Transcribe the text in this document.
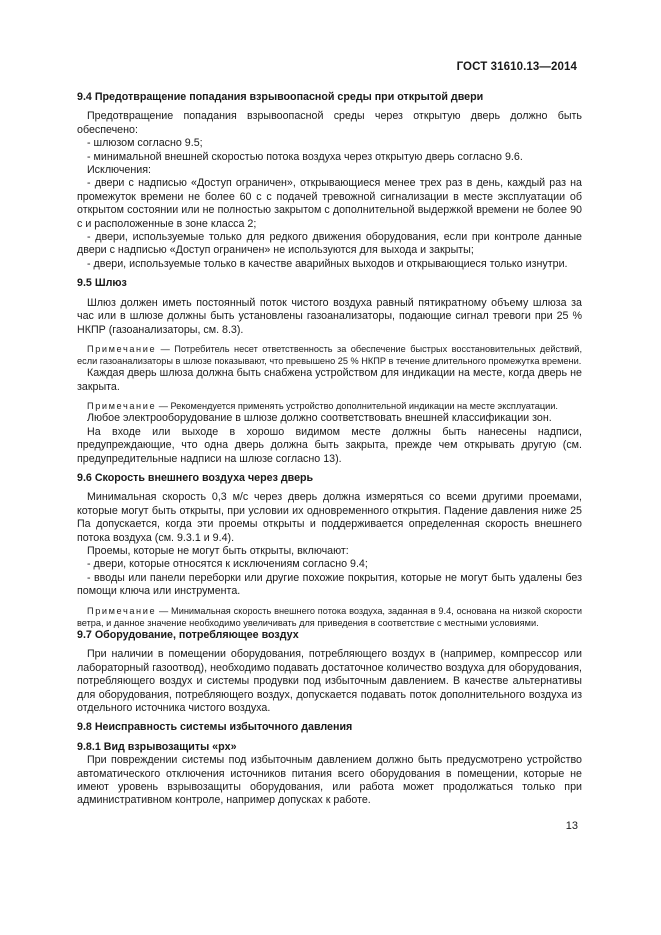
ГОСТ 31610.13—2014
9.4 Предотвращение попадания взрывоопасной среды при открытой двери

Предотвращение попадания взрывоопасной среды через открытую дверь должно быть обеспечено:

- шлюзом согласно 9.5;

- минимальной внешней скоростью потока воздуха через открытую дверь согласно 9.6.

Исключения:

- двери с надписью «Доступ ограничен», открывающиеся менее трех раз в день, каждый раз на промежуток времени не более 60 с с подачей тревожной сигнализации в месте эксплуатации об открытом состоянии или не полностью закрытом с дополнительной выдержкой времени не более 90 с и расположенные в зоне класса 2;

- двери, используемые только для редкого движения оборудования, если при контроле данные двери с надписью «Доступ ограничен» не используются для выхода и закрыты;

- двери, используемые только в качестве аварийных выходов и открывающиеся только изнутри.

9.5 Шлюз

Шлюз должен иметь постоянный поток чистого воздуха равный пятикратному объему шлюза за час или в шлюзе должны быть установлены газоанализаторы, подающие сигнал тревоги при 25 % НКПР (газоанализаторы, см. 8.3).

Примечание — Потребитель несет ответственность за обеспечение быстрых восстановительных действий, если газоанализаторы в шлюзе показывают, что превышено 25 % НКПР в течение длительного промежутка времени.

Каждая дверь шлюза должна быть снабжена устройством для индикации на месте, когда дверь не закрыта.

Примечание — Рекомендуется применять устройство дополнительной индикации на месте эксплуатации.

Любое электрооборудование в шлюзе должно соответствовать внешней классификации зон.

На входе или выходе в хорошо видимом месте должны быть нанесены надписи, предупреждающие, что одна дверь должна быть закрыта, прежде чем открывать другую (см. предупредительные надписи на шлюзе согласно 13).

9.6 Скорость внешнего воздуха через дверь

Минимальная скорость 0,3 м/с через дверь должна измеряться со всеми другими проемами, которые могут быть открыты, при условии их одновременного открытия. Падение давления ниже 25 Па допускается, когда эти проемы открыты и поддерживается определенная скорость внешнего потока воздуха (см. 9.3.1 и 9.4).

Проемы, которые не могут быть открыты, включают:

- двери, которые относятся к исключениям согласно 9.4;

- вводы или панели переборки или другие похожие покрытия, которые не могут быть удалены без помощи ключа или инструмента.

Примечание — Минимальная скорость внешнего потока воздуха, заданная в 9.4, основана на низкой скорости ветра, и данное значение необходимо увеличивать для приведения в соответствие с местными условиями.

9.7 Оборудование, потребляющее воздух

При наличии в помещении оборудования, потребляющего воздух в (например, компрессор или лабораторный газоотвод), необходимо подавать достаточное количество воздуха для оборудования, потребляющего воздух и системы продувки под избыточным давлением. В качестве альтернативы для оборудования, потребляющего воздух, допускается подавать поток дополнительного воздуха из отдельного источника чистого воздуха.

9.8 Неисправность системы избыточного давления
9.8.1 Вид взрывозащиты «px»

При повреждении системы под избыточным давлением должно быть предусмотрено устройство автоматического отключения источников питания всего оборудования в помещении, которые не имеют уровень взрывозащиты оборудования, или работа может продолжаться только при административном контроле, например допусках к работе.

13
